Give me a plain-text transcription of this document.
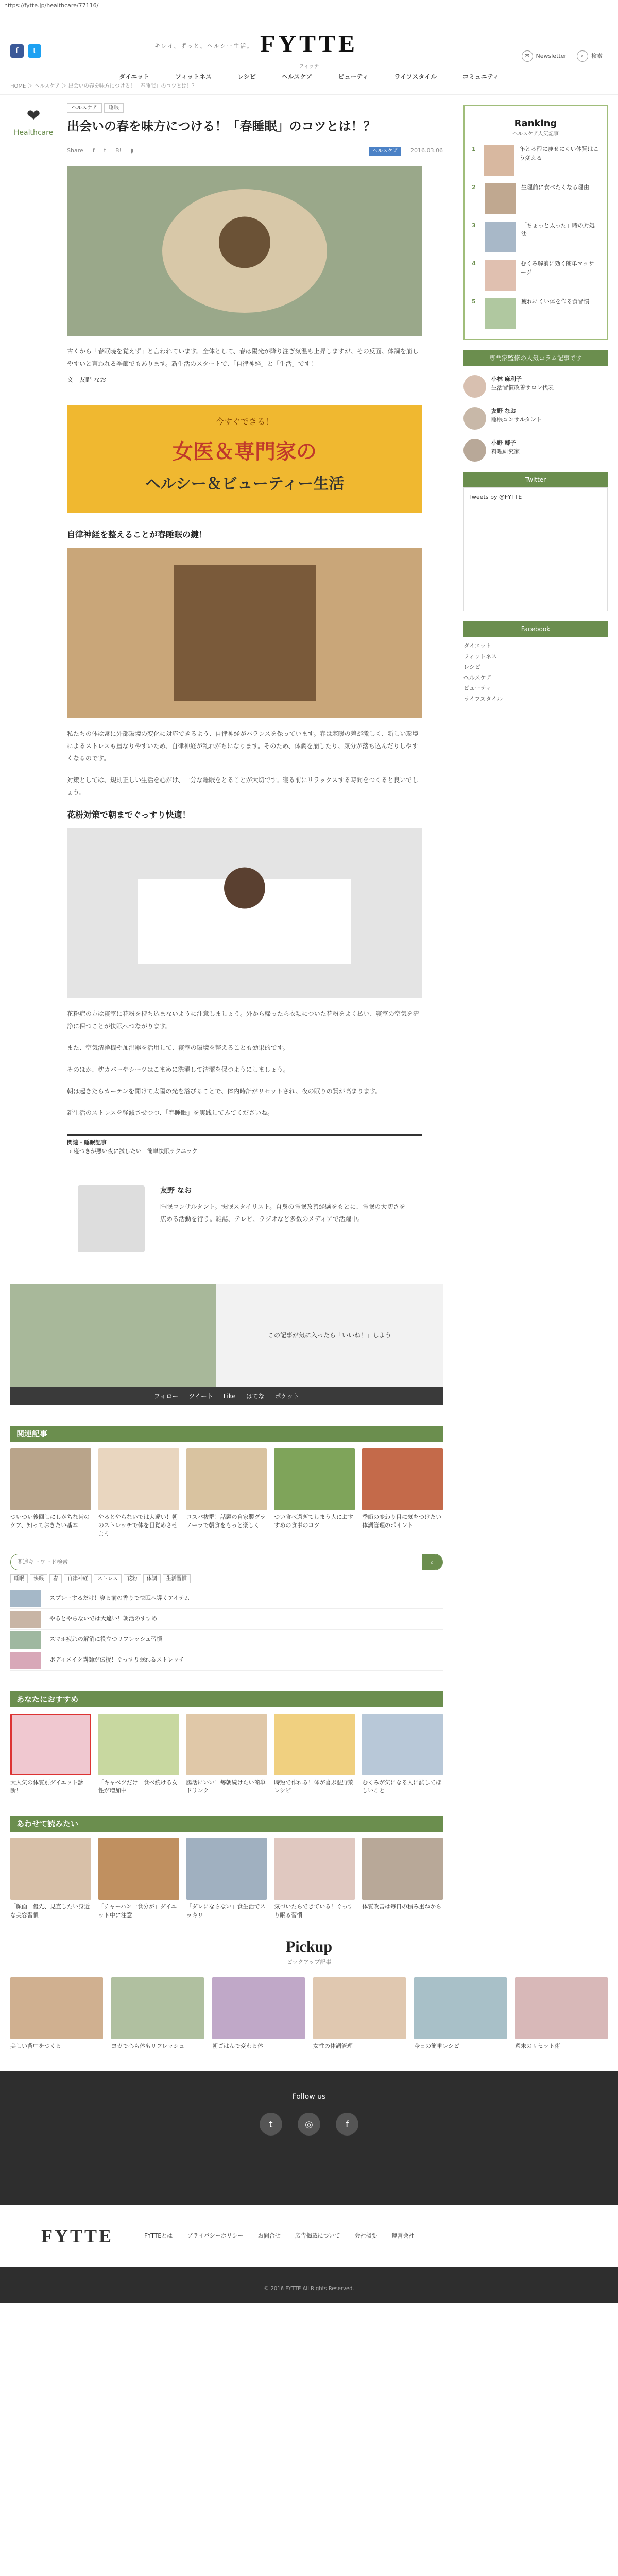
https://fytte.jp/healthcare/77116/
f	t
キレイ、ずっと。ヘルシー生活。 FYTTE
フィッテ
✉	Newsletter	⌕	検索
ダイエット	フィットネス	レシピ	ヘルスケア	ビューティ	ライフスタイル	コミュニティ
HOME ＞ ヘルスケア ＞ 出会いの春を味方につける！「春睡眠」のコツとは！？
❤
Healthcare
ヘルスケア	睡眠
出会いの春を味方につける！「春睡眠」のコツとは！？
Share f t B! ◗	ヘルスケア	2016.03.06
古くから「春眠暁を覚えず」と言われています。全体として、春は陽光が降り注ぎ気温も上昇しますが、その反面、体調を崩しやすいと言われる季節でもあります。新生活のスタートで、「自律神経」と「生活」です！
文　友野 なお
今すぐできる！
女医＆専門家の
ヘルシー＆ビューティー生活
自律神経を整えることが春睡眠の鍵！
私たちの体は常に外部環境の変化に対応できるよう、自律神経がバランスを保っています。春は寒暖の差が激しく、新しい環境によるストレスも重なりやすいため、自律神経が乱れがちになります。そのため、体調を崩したり、気分が落ち込んだりしやすくなるのです。
対策としては、規則正しい生活を心がけ、十分な睡眠をとることが大切です。寝る前にリラックスする時間をつくると良いでしょう。
花粉対策で朝までぐっすり快適！
花粉症の方は寝室に花粉を持ち込まないように注意しましょう。外から帰ったら衣類についた花粉をよく払い、寝室の空気を清浄に保つことが快眠へつながります。
また、空気清浄機や加湿器を活用して、寝室の環境を整えることも効果的です。
そのほか、枕カバーやシーツはこまめに洗濯して清潔を保つようにしましょう。
朝は起きたらカーテンを開けて太陽の光を浴びることで、体内時計がリセットされ、夜の眠りの質が高まります。
新生活のストレスを軽減させつつ、「春睡眠」を実践してみてくださいね。
関連・睡眠記事
→ 寝つきが悪い夜に試したい！簡単快眠テクニック
友野 なお
睡眠コンサルタント。快眠スタイリスト。自身の睡眠改善経験をもとに、睡眠の大切さを広める活動を行う。雑誌、テレビ、ラジオなど多数のメディアで活躍中。
この記事が気に入ったら「いいね！」しよう
フォロー ツイート Like はてな ポケット
関連記事
ついつい後回しにしがちな歯のケア、知っておきたい基本
やるとやらないでは大違い！朝のストレッチで体を目覚めさせよう
コスパ抜群！話題の自家製グラノーラで朝食をもっと楽しく
つい食べ過ぎてしまう人におすすめの食事のコツ
季節の変わり目に気をつけたい体調管理のポイント
関連キーワード検索
⌕
睡眠	快眠	春	自律神経	ストレス	花粉	体調	生活習慣
スプレーするだけ！寝る前の香りで快眠へ導くアイテム
やるとやらないでは大違い！朝活のすすめ
スマホ疲れの解消に役立つリフレッシュ習慣
ボディメイク講師が伝授！ぐっすり眠れるストレッチ
あなたにおすすめ
大人気の体質別ダイエット診断！
「キャベツだけ」食べ続ける女性が増加中
腸活にいい！毎朝続けたい簡単ドリンク
時短で作れる！体が喜ぶ温野菜レシピ
むくみが気になる人に試してほしいこと
あわせて読みたい
「顔面」優先、見直したい身近な美容習慣
「チャーハン一食分が」ダイエット中に注意
「ダレにならない」食生活でスッキリ
気づいたらできている！ぐっすり眠る習慣
体質改善は毎日の積み重ねから
Ranking
ヘルスケア人気記事
1	年とる程に痩せにくい体質はこう変える
2	生理前に食べたくなる理由
3	「ちょっと太った」時の対処法
4	むくみ解消に効く簡単マッサージ
5	疲れにくい体を作る食習慣
専門家監修の人気コラム記事です
小林 麻利子
生活習慣改善サロン代表
友野 なお
睡眠コンサルタント
小野 郷子
料理研究家
Twitter
Tweets by @FYTTE
Facebook
ダイエット
フィットネス
レシピ
ヘルスケア
ビューティ
ライフスタイル
Pickup
ピックアップ記事
美しい背中をつくる	ヨガで心も体もリフレッシュ	朝ごはんで変わる体	女性の体調管理	今日の簡単レシピ	週末のリセット術
Follow us
t	◎	f
FYTTE	FYTTEとは	プライバシーポリシー	お問合せ	広告掲載について	会社概要	運営会社
© 2016 FYTTE All Rights Reserved.
